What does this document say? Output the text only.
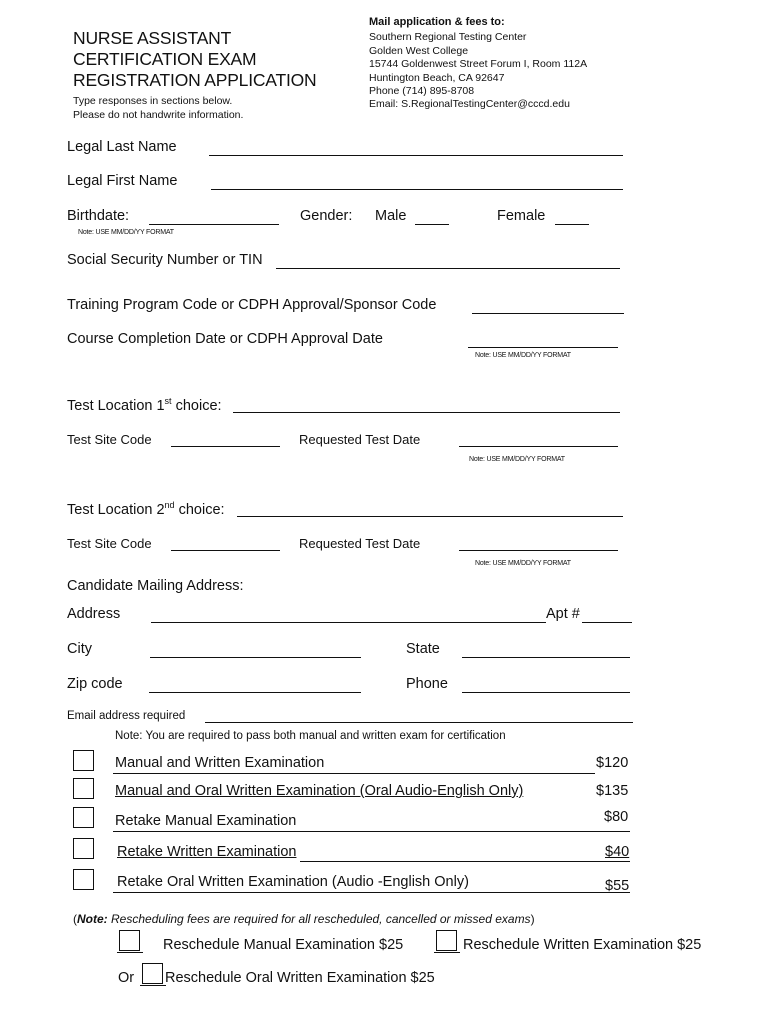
NURSE ASSISTANT
CERTIFICATION EXAM
REGISTRATION APPLICATION
Type responses in sections below.
Please do not handwrite information.
Mail application & fees to:
Southern Regional Testing Center
Golden West College
15744 Goldenwest Street Forum I, Room 112A
Huntington Beach, CA 92647
Phone (714) 895-8708
Email: S.RegionalTestingCenter@cccd.edu
Legal Last Name
Legal First Name
Birthdate:
Note: USE MM/DD/YY FORMAT
Gender: Male	Female
Social Security Number or TIN
Training Program Code or CDPH Approval/Sponsor Code
Course Completion Date or CDPH Approval Date
Note: USE MM/DD/YY FORMAT
Test Location 1st choice:
Test Site Code	Requested Test Date
Note: USE MM/DD/YY FORMAT
Test Location 2nd choice:
Test Site Code	Requested Test Date
Note: USE MM/DD/YY FORMAT
Candidate Mailing Address:
Address	Apt #
City	State
Zip code	Phone
Email address required
Note: You are required to pass both manual and written exam for certification
Manual and Written Examination	$120
Manual and Oral Written Examination (Oral Audio-English Only)	$135
Retake Manual Examination	$80
Retake Written Examination	$40
Retake Oral Written Examination (Audio -English Only)	$55
(Note: Rescheduling fees are required for all rescheduled, cancelled or missed exams)
Reschedule Manual Examination $25	Reschedule Written Examination $25
Or Reschedule Oral Written Examination $25
